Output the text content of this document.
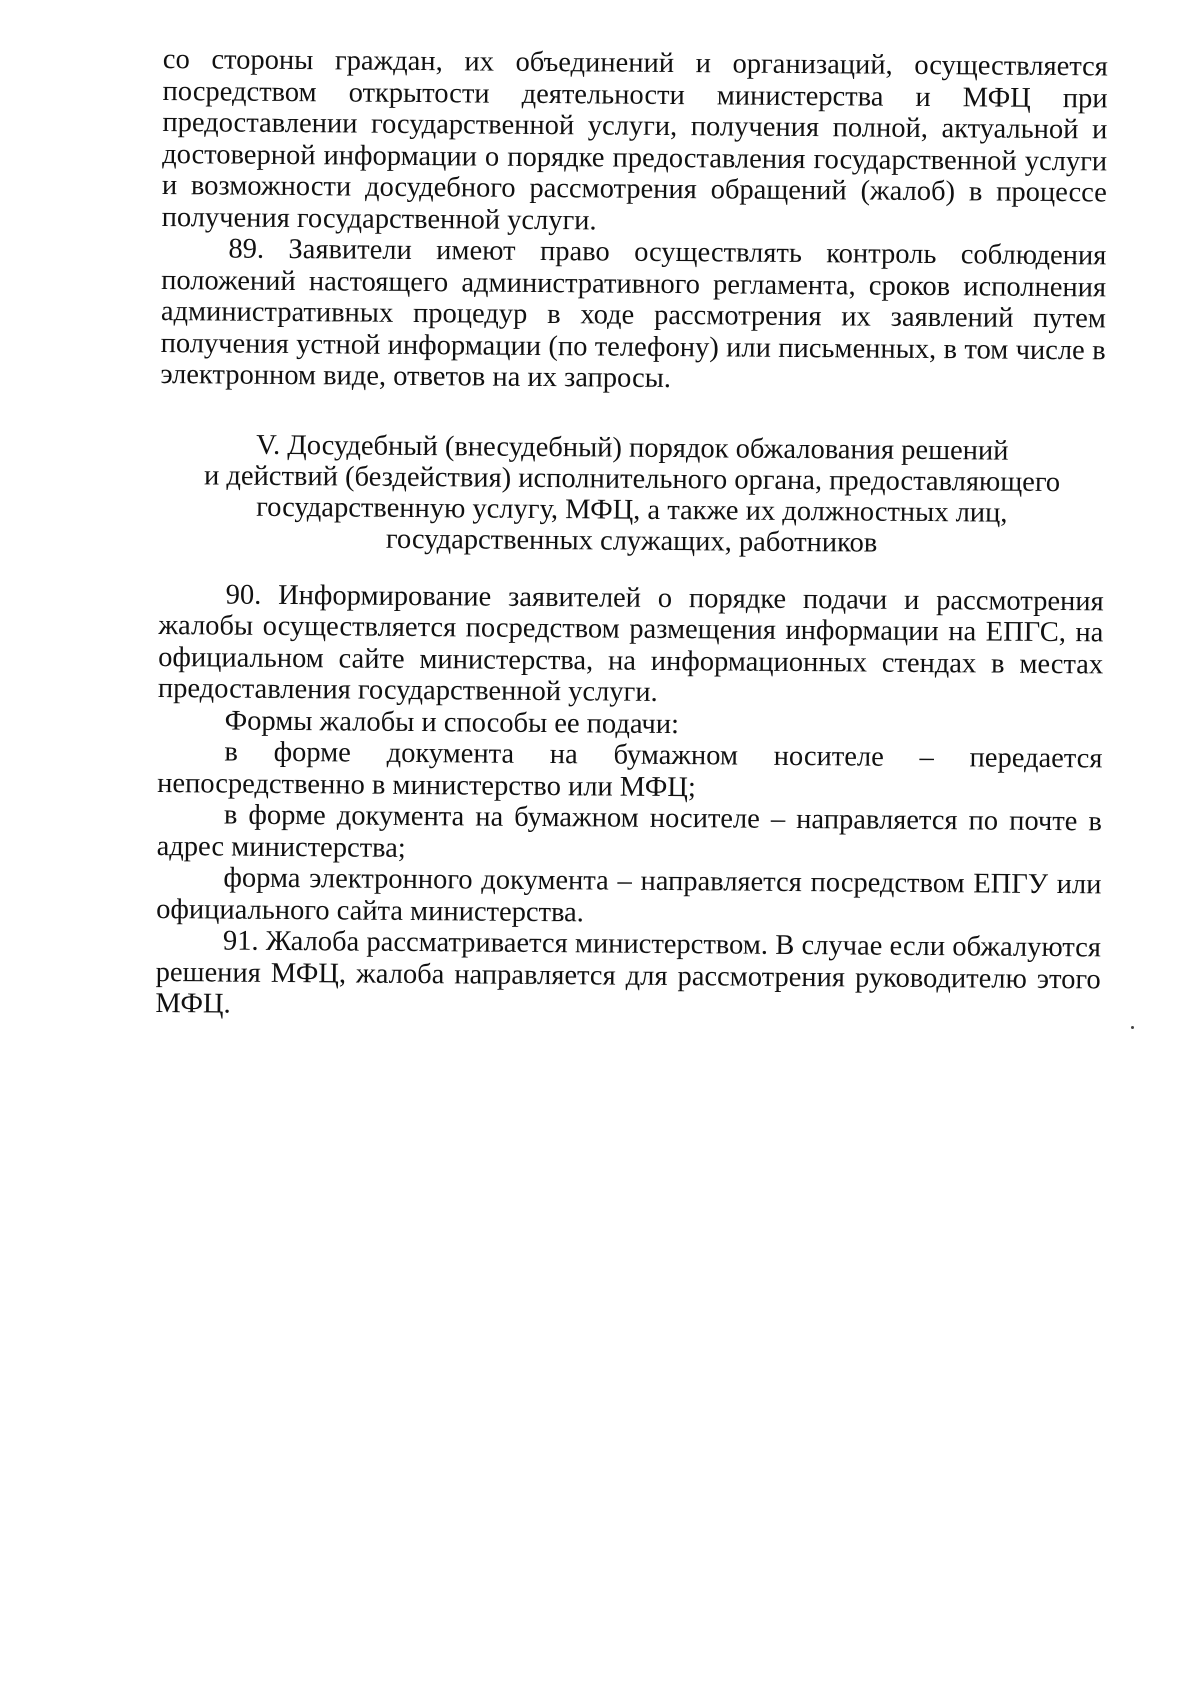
со стороны граждан, их объединений и организаций, осуществляется посредством открытости деятельности министерства и МФЦ при предоставлении государственной услуги, получения полной, актуальной и достоверной информации о порядке предоставления государственной услуги и возможности досудебного рассмотрения обращений (жалоб) в процессе получения государственной услуги.

89. Заявители имеют право осуществлять контроль соблюдения положений настоящего административного регламента, сроков исполнения административных процедур в ходе рассмотрения их заявлений путем получения устной информации (по телефону) или письменных, в том числе в электронном виде, ответов на их запросы.

V. Досудебный (внесудебный) порядок обжалования решений
и действий (бездействия) исполнительного органа, предоставляющего
государственную услугу, МФЦ, а также их должностных лиц,
государственных служащих, работников

90. Информирование заявителей о порядке подачи и рассмотрения жалобы осуществляется посредством размещения информации на ЕПГС, на официальном сайте министерства, на информационных стендах в местах предоставления государственной услуги.

Формы жалобы и способы ее подачи:

в форме документа на бумажном носителе – передается непосредственно в министерство или МФЦ;

в форме документа на бумажном носителе – направляется по почте в адрес министерства;

форма электронного документа – направляется посредством ЕПГУ или официального сайта министерства.

91. Жалоба рассматривается министерством. В случае если обжалуются решения МФЦ, жалоба направляется для рассмотрения руководителю этого МФЦ.
